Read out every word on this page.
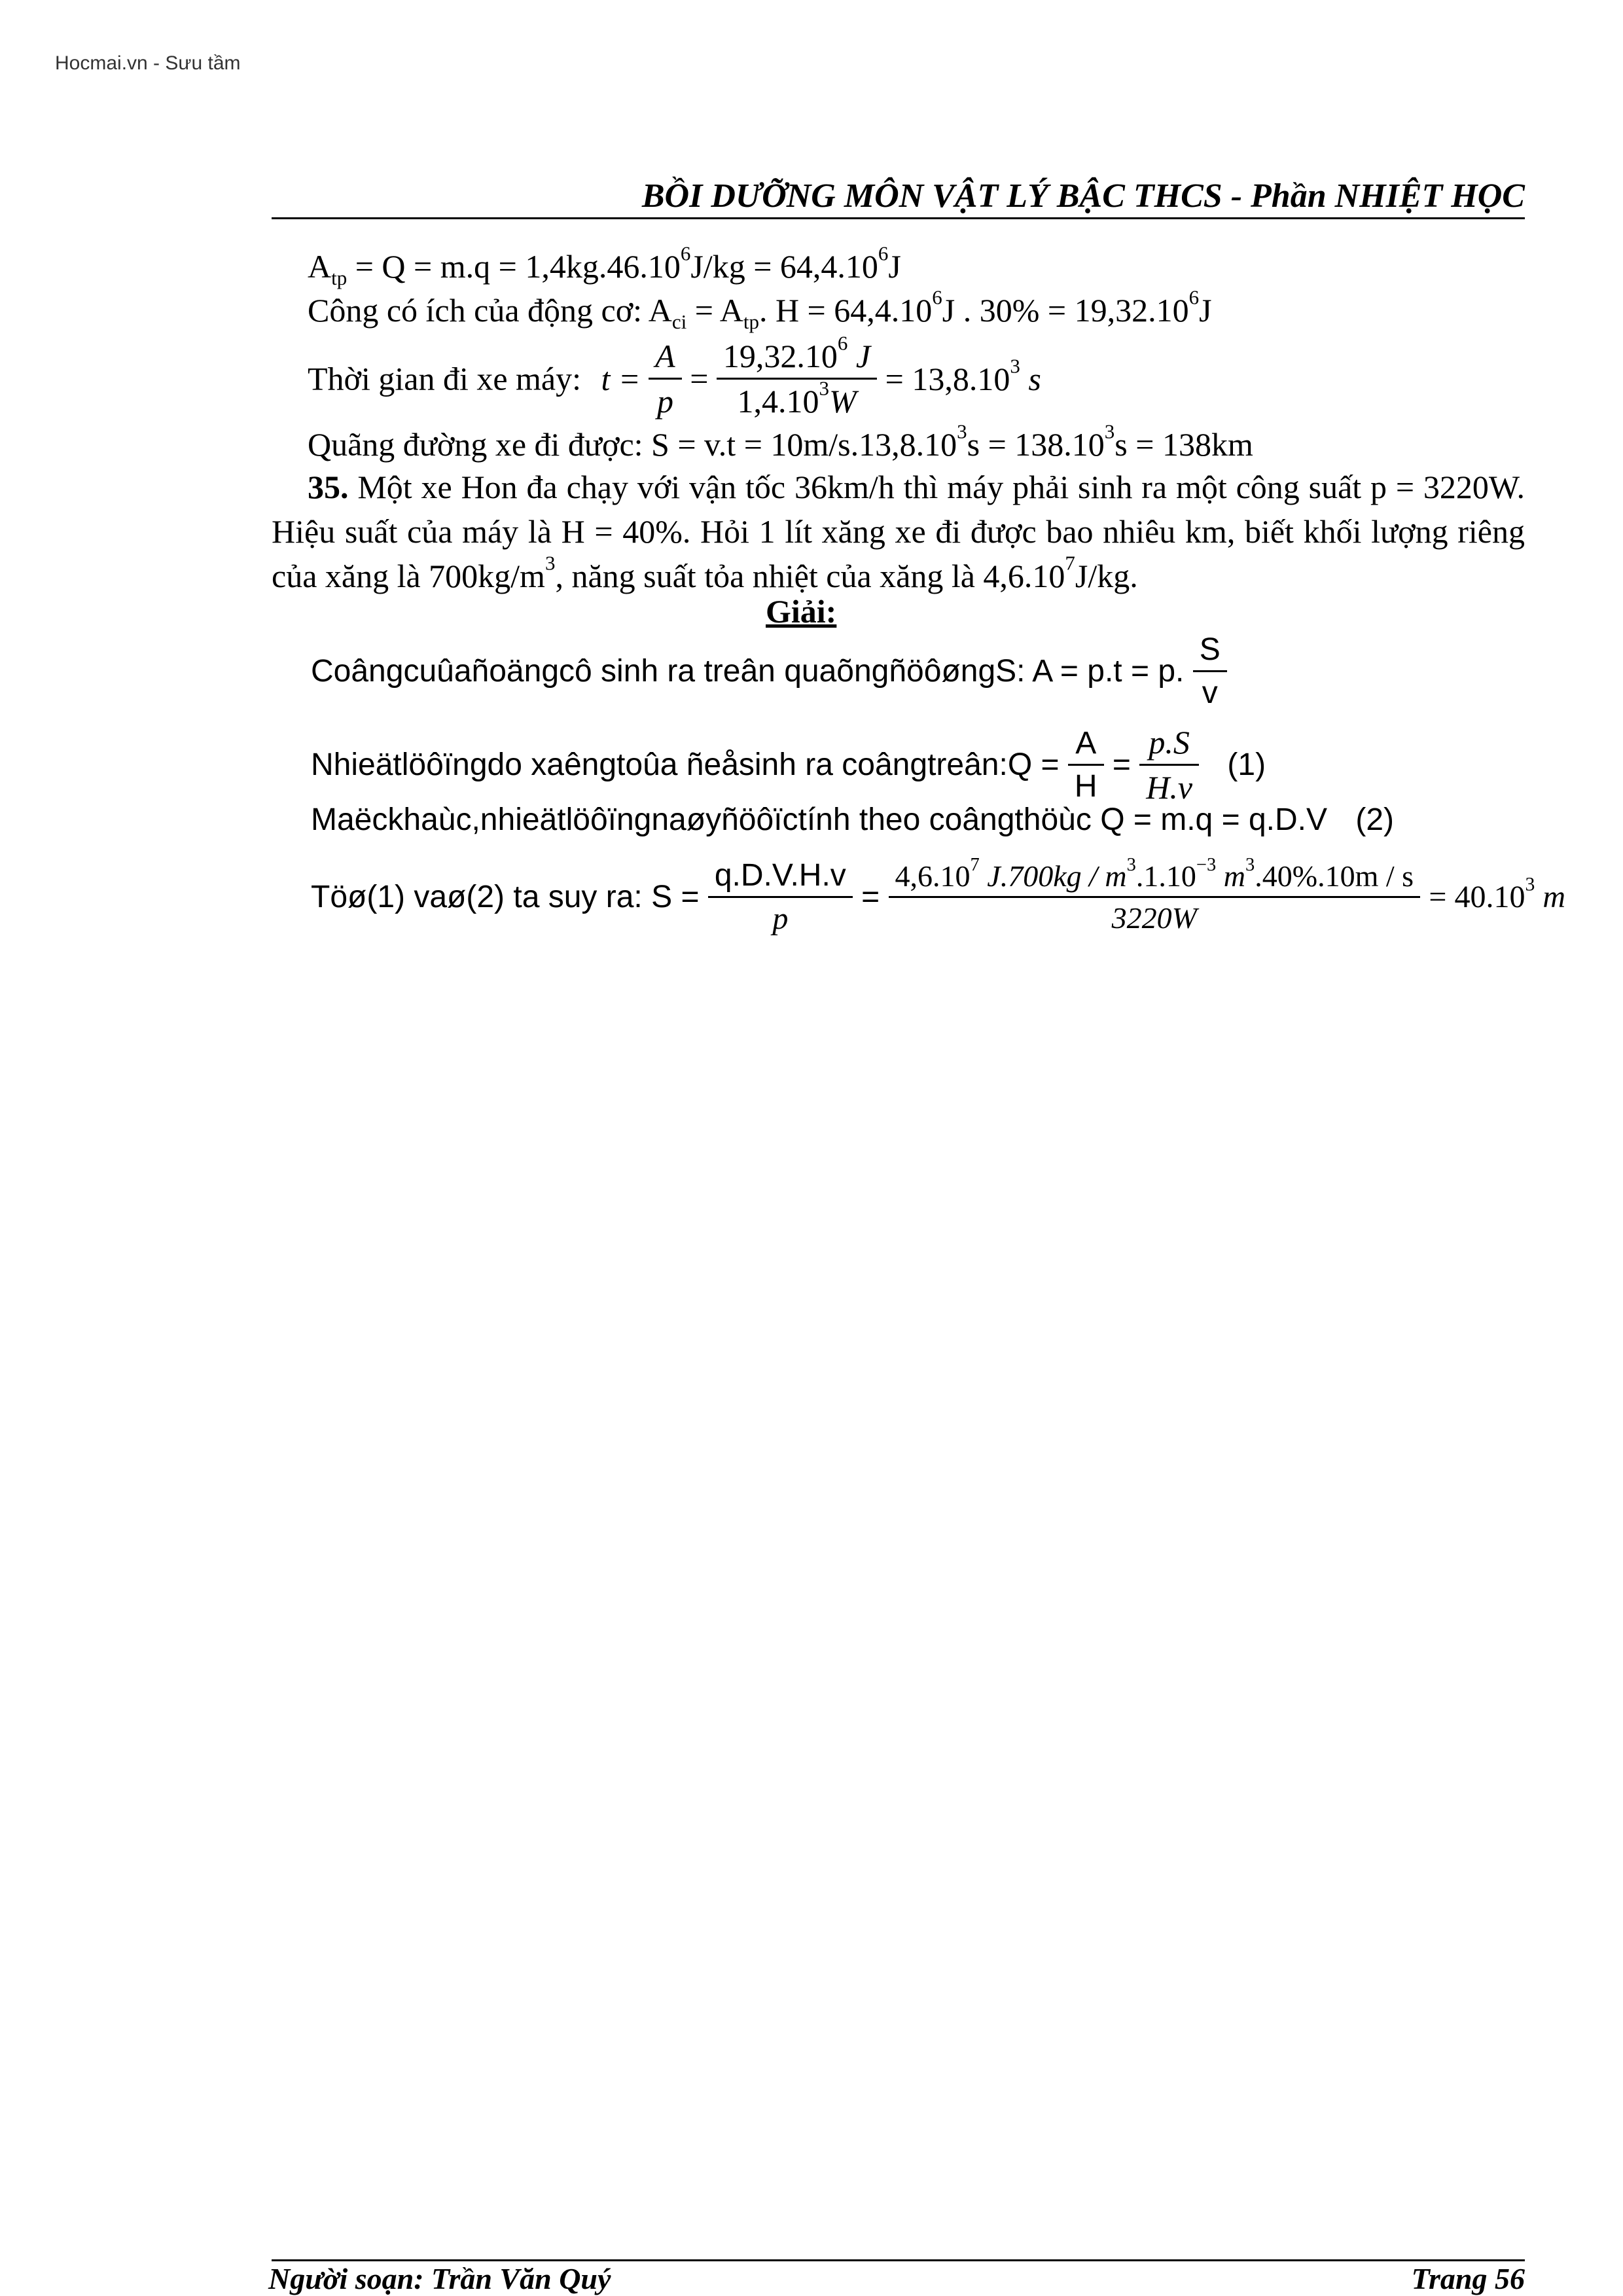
Hocmai.vn - Sưu tầm
BỒI DƯỠNG MÔN VẬT LÝ BẬC THCS - Phần NHIỆT HỌC
$A_{tp} = Q = m.q = 1,4kg.46.10^6J/kg = 64,4.10^6J$
Công có ích của động cơ: $A_{ci} = A_{tp}$. $H = 64,4.10^6J$ . $30\% = 19,32.10^6J$
Thời gian đi xe máy: $t = \frac{A}{p} = \frac{19,32.10^6 J}{1,4.10^3W} = 13,8.10^3$ s
Quãng đường xe đi được: $S = v.t = 10m/s.13,8.10^3s = 138.10^3s = 138km$
35. Một xe Hon đa chạy với vận tốc 36km/h thì máy phải sinh ra một công suất p = 3220W. Hiệu suất của máy là H = 40%. Hỏi 1 lít xăng xe đi được bao nhiêu km, biết khối lượng riêng của xăng là $700kg/m^3$, năng suất tỏa nhiệt của xăng là 4,6.10$^7$J/kg.
Giải:
Coângcuûañoängcô sinh ra treân quaõngñöôøngS: A = p.t = p. $\frac{S}{v}$
Nhieätlöôïngdo xaêngtoûa ñeåsinh ra coângtreân:Q = $\frac{A}{H} = \frac{p.S}{H.v} (1)$
Maëckhaùc,nhieätlöôïngnaøyñöôïctính theo coângthöùc Q = m.q = q.D.V (2)
Töø(1) vaø(2) ta suy ra: $S = \frac{q.D.V.H.v}{p} = \frac{4,6.10^7 J.700kg / m^3.1.10^{-3} m^3.40\%.10m / s}{3220W} = 40.10^3$ m
Người soạn: Trần Văn Quý	Trang 56
